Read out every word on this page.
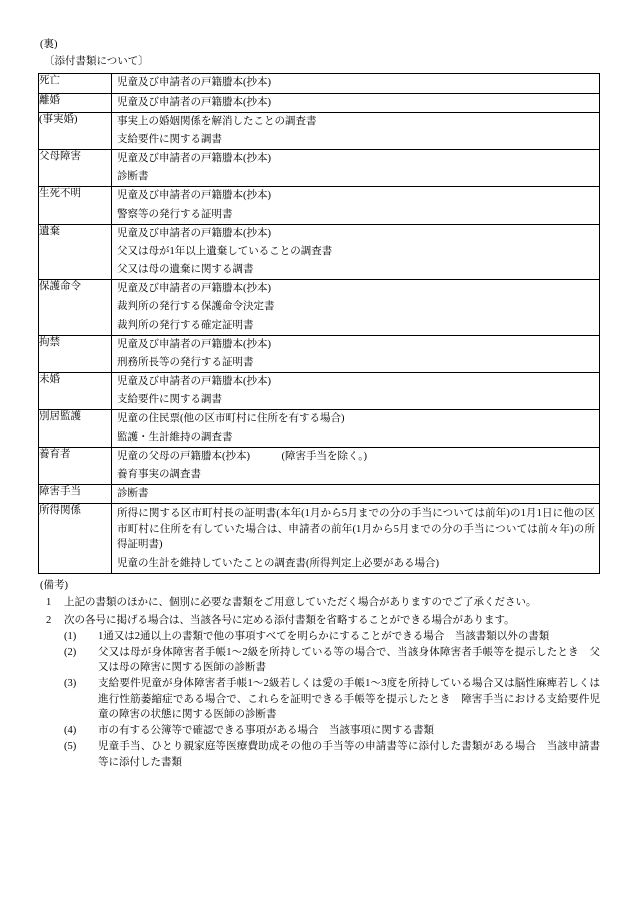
(裏)
〔添付書類について〕
死亡	児童及び申請者の戸籍謄本(抄本)

離婚	児童及び申請者の戸籍謄本(抄本)

(事実婚)	事実上の婚姻関係を解消したことの調査書
支給要件に関する調書

父母障害	児童及び申請者の戸籍謄本(抄本)
診断書

生死不明	児童及び申請者の戸籍謄本(抄本)
警察等の発行する証明書

遺棄	児童及び申請者の戸籍謄本(抄本)
父又は母が1年以上遺棄していることの調査書
父又は母の遺棄に関する調書

保護命令	児童及び申請者の戸籍謄本(抄本)
裁判所の発行する保護命令決定書
裁判所の発行する確定証明書

拘禁	児童及び申請者の戸籍謄本(抄本)
刑務所長等の発行する証明書

未婚	児童及び申請者の戸籍謄本(抄本)
支給要件に関する調書

別居監護	児童の住民票(他の区市町村に住所を有する場合)
監護・生計維持の調査書

養育者	児童の父母の戸籍謄本(抄本)　　　(障害手当を除く。)
養育事実の調査書

障害手当	診断書

所得関係	所得に関する区市町村長の証明書(本年(1月から5月までの分の手当については前年)の1月1日に他の区市町村に住所を有していた場合は、申請者の前年(1月から5月までの分の手当については前々年)の所得証明書)
児童の生計を維持していたことの調査書(所得判定上必要がある場合)
(備考)
1 上記の書類のほかに、個別に必要な書類をご用意していただく場合がありますのでご了承ください。
2 次の各号に掲げる場合は、当該各号に定める添付書類を省略することができる場合があります。
(1) 1通又は2通以上の書類で他の事項すべてを明らかにすることができる場合　当該書類以外の書類
(2) 父又は母が身体障害者手帳1〜2級を所持している等の場合で、当該身体障害者手帳等を提示したとき　父又は母の障害に関する医師の診断書
(3) 支給要件児童が身体障害者手帳1〜2級若しくは愛の手帳1〜3度を所持している場合又は脳性麻痺若しくは進行性筋萎縮症である場合で、これらを証明できる手帳等を提示したとき　障害手当における支給要件児童の障害の状態に関する医師の診断書
(4) 市の有する公簿等で確認できる事項がある場合　当該事項に関する書類
(5) 児童手当、ひとり親家庭等医療費助成その他の手当等の申請書等に添付した書類がある場合　当該申請書等に添付した書類
